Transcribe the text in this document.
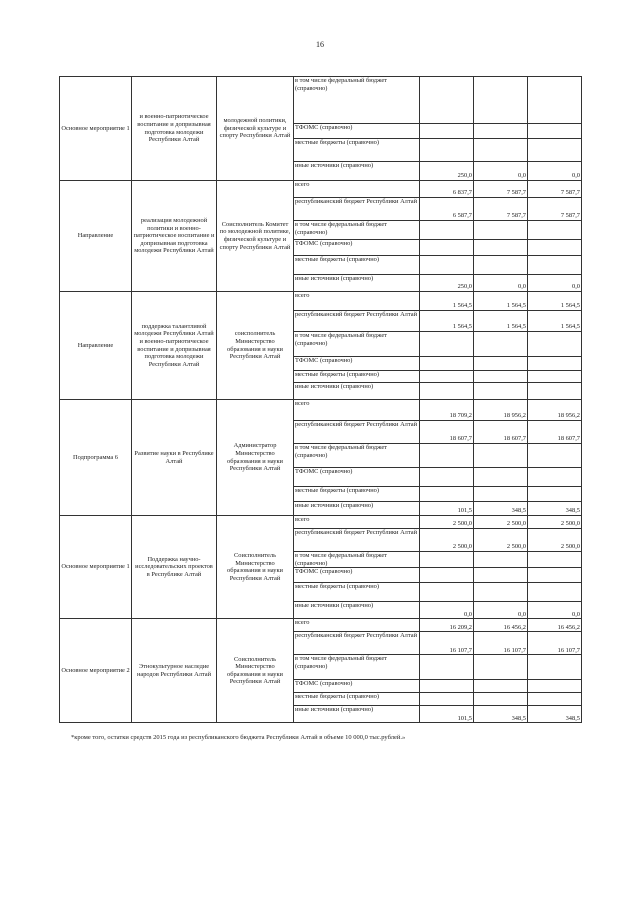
16
Основное мероприятие 1	и военно-патриотическое воспитание и допризывная подготовка молодежи Республики Алтай	молодежной политики, физической культуре и спорту Республики Алтай	в том числе федеральный бюджет (справочно)			
			ТФОМС (справочно)			
			местные бюджеты (справочно)			
			иные источники (справочно)	250,0	0,0	0,0
Направление	реализация молодежной политики и военно-патриотическое воспитание и допризывная подготовка молодежи Республики Алтай	Соисполнитель Комитет по молодежной политике, физической культуре и спорту Республики Алтай	всего	6 837,7	7 587,7	7 587,7
			республиканский бюджет Республики Алтай	6 587,7	7 587,7	7 587,7
			в том числе федеральный бюджет (справочно)			
			ТФОМС (справочно)			
			местные бюджеты (справочно)			
			иные источники (справочно)	250,0	0,0	0,0
Направление	поддержка талантливой молодежи Республики Алтай и военно-патриотическое воспитание и допризывная подготовка молодежи Республики Алтай	соисполнитель Министерство образования и науки Республики Алтай	всего	1 564,5	1 564,5	1 564,5
			республиканский бюджет Республики Алтай	1 564,5	1 564,5	1 564,5
			в том числе федеральный бюджет (справочно)			
			ТФОМС (справочно)			
			местные бюджеты (справочно)			
			иные источники (справочно)			
Подпрограмма 6	Развитие науки в Республике Алтай	Администратор Министерство образования и науки Республики Алтай	всего	18 709,2	18 956,2	18 956,2
			республиканский бюджет Республики Алтай	18 607,7	18 607,7	18 607,7
			в том числе федеральный бюджет (справочно)			
			ТФОМС (справочно)			
			местные бюджеты (справочно)			
			иные источники (справочно)	101,5	348,5	348,5
Основное мероприятие 1	Поддержка научно-исследовательских проектов в Республике Алтай	Соисполнитель Министерство образования и науки Республики Алтай	всего	2 500,0	2 500,0	2 500,0
			республиканский бюджет Республики Алтай	2 500,0	2 500,0	2 500,0
			в том числе федеральный бюджет (справочно)			
			ТФОМС (справочно)			
			местные бюджеты (справочно)			
			иные источники (справочно)	0,0	0,0	0,0
Основное мероприятие 2	Этнокультурное наследие народов Республики Алтай	Соисполнитель Министерство образования и науки Республики Алтай	всего	16 209,2	16 456,2	16 456,2
			республиканский бюджет Республики Алтай	16 107,7	16 107,7	16 107,7
			в том числе федеральный бюджет (справочно)			
			ТФОМС (справочно)			
			местные бюджеты (справочно)			
			иные источники (справочно)	101,5	348,5	348,5
*кроме того, остатки средств 2015 года из республиканского бюджета Республики Алтай в объеме 10 000,0 тыс.рублей.»
